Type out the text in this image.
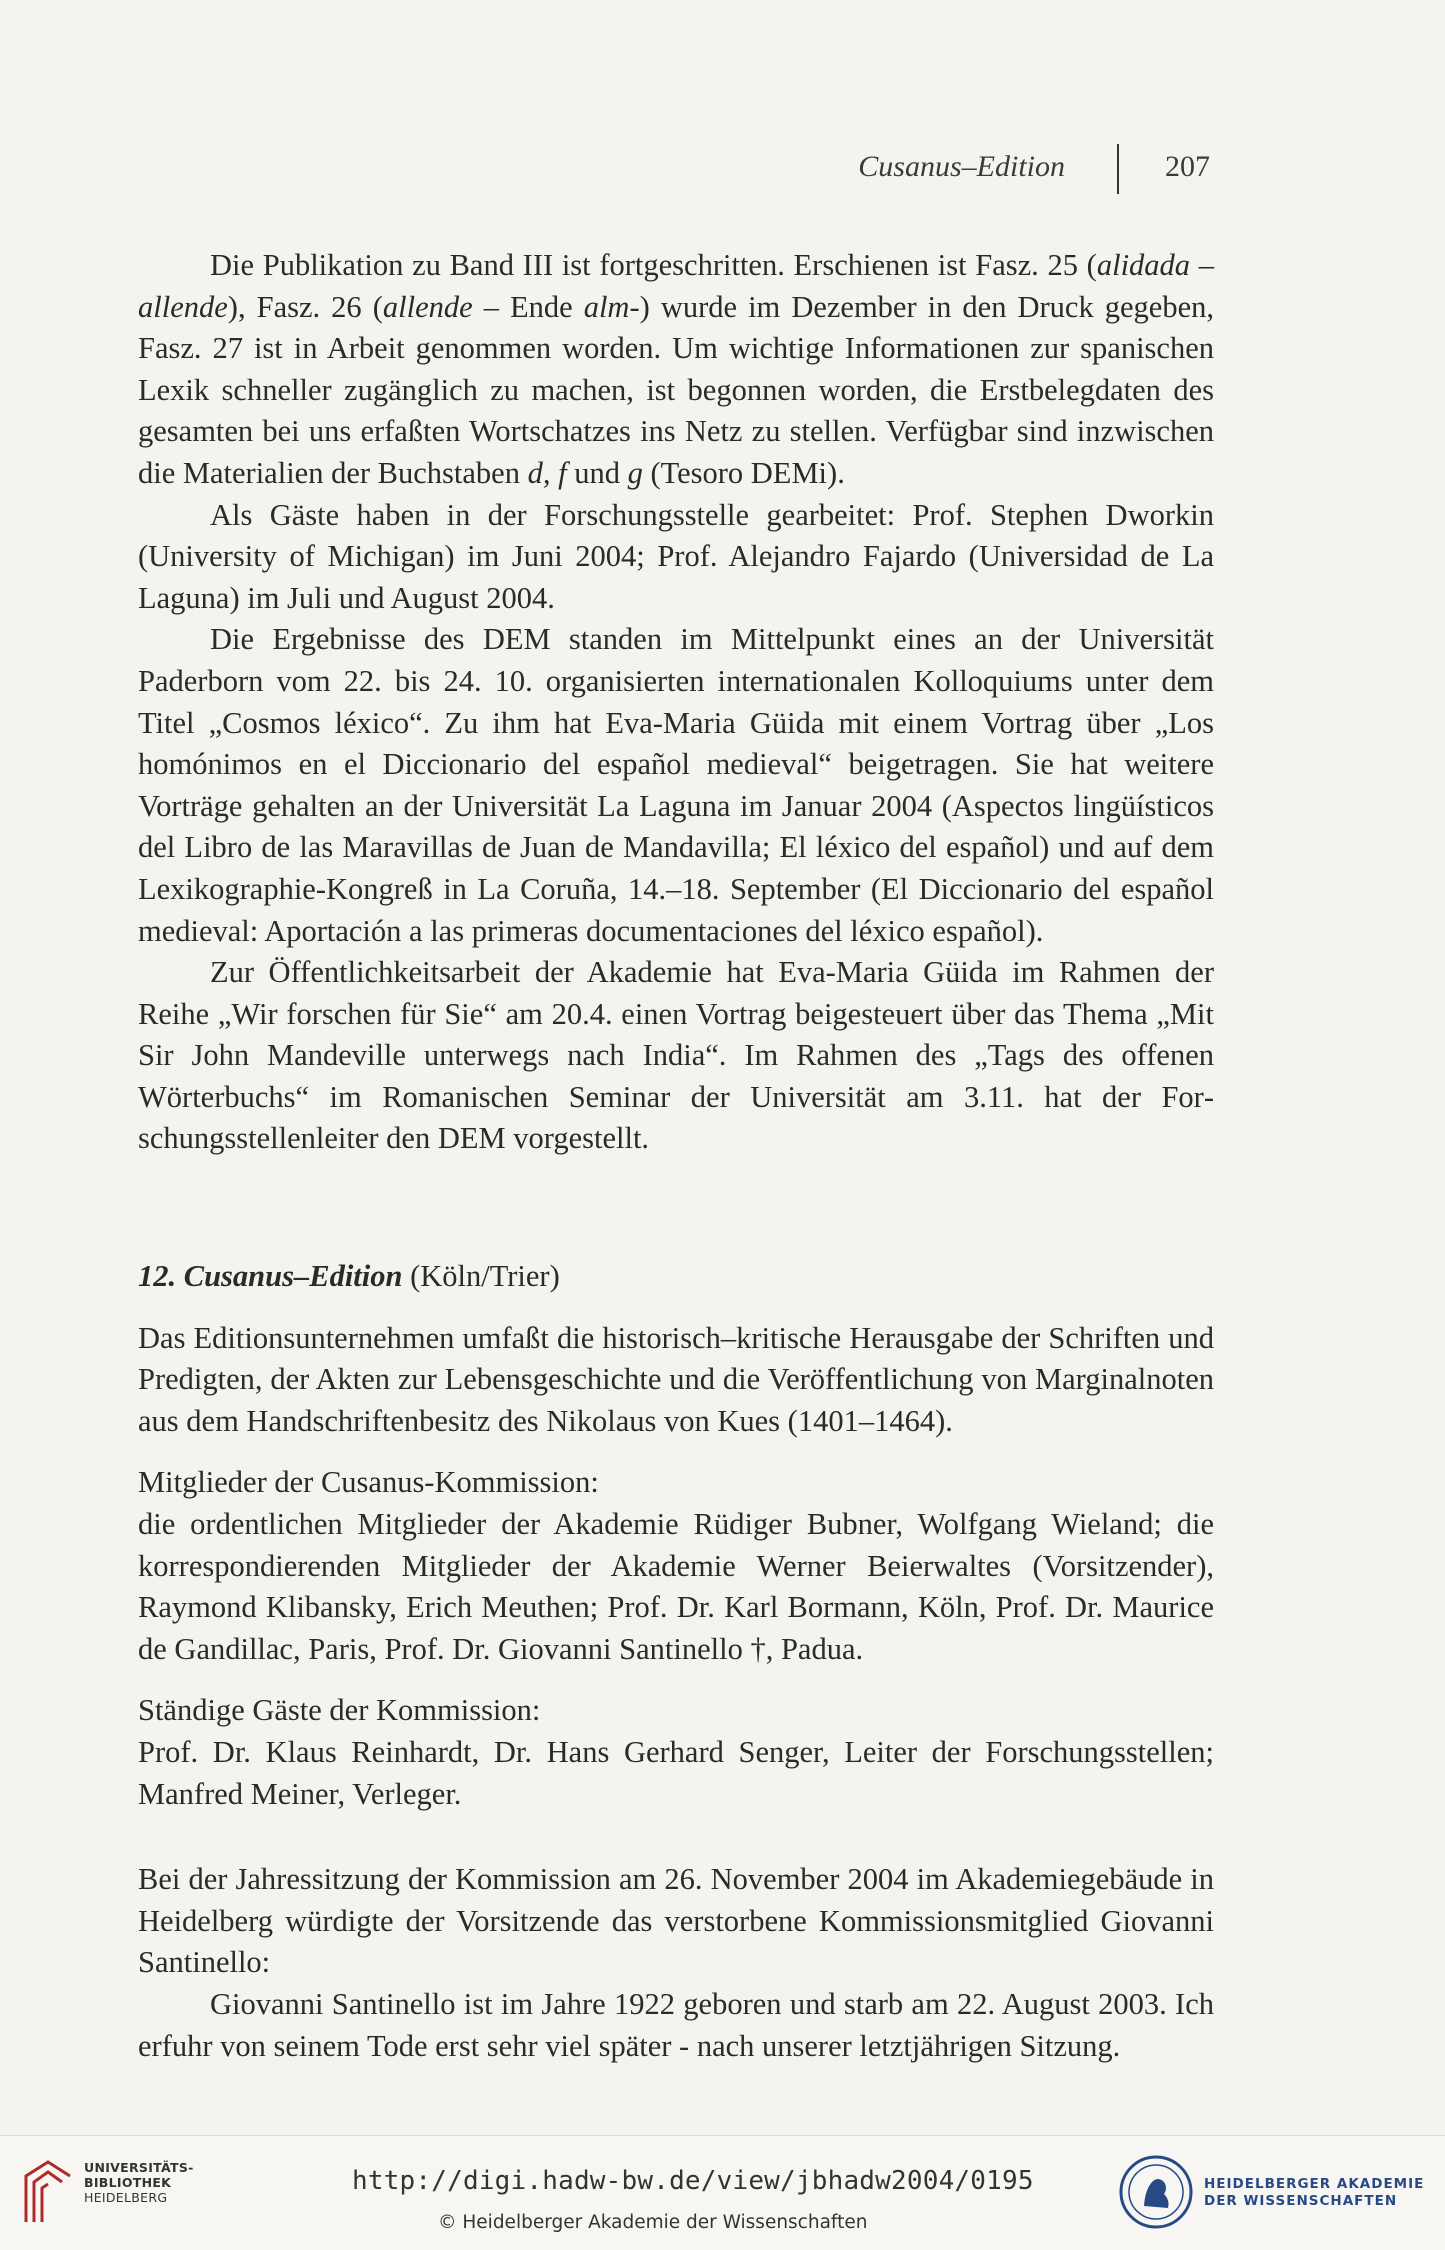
Cusanus–Edition	207

Die Publikation zu Band III ist fortgeschritten. Erschienen ist Fasz. 25 (alidada –allende), Fasz. 26 (allende – Ende alm-) wurde im Dezember in den Druck gegeben, Fasz. 27 ist in Arbeit genommen worden. Um wichtige Informationen zur spanischen Lexik schneller zugänglich zu machen, ist begonnen worden, die Erstbelegdaten des gesamten bei uns erfaßten Wortschatzes ins Netz zu stellen. Verfügbar sind inzwischen die Materialien der Buchstaben d, f und g (Tesoro DEMi).

Als Gäste haben in der Forschungsstelle gearbeitet: Prof. Stephen Dworkin (University of Michigan) im Juni 2004; Prof. Alejandro Fajardo (Universidad de La Laguna) im Juli und August 2004.

Die Ergebnisse des DEM standen im Mittelpunkt eines an der Universität Paderborn vom 22. bis 24. 10. organisierten internationalen Kolloquiums unter dem Titel „Cosmos léxico“. Zu ihm hat Eva-Maria Güida mit einem Vortrag über „Los homónimos en el Diccionario del español medieval“ beigetragen. Sie hat weitere Vorträge gehalten an der Universität La Laguna im Januar 2004 (Aspectos lingüísticos del Libro de las Maravillas de Juan de Mandavilla; El léxico del español) und auf dem Lexikographie-Kongreß in La Coruña, 14.–18. September (El Diccionario del español medieval: Aportación a las primeras documentaciones del léxico español).

Zur Öffentlichkeitsarbeit der Akademie hat Eva-Maria Güida im Rahmen der Reihe „Wir forschen für Sie“ am 20.4. einen Vortrag beigesteuert über das Thema „Mit Sir John Mandeville unterwegs nach India“. Im Rahmen des „Tags des offenen Wörterbuchs“ im Romanischen Seminar der Universität am 3.11. hat der Forschungsstellenleiter den DEM vorgestellt.

12. Cusanus–Edition (Köln/Trier)

Das Editionsunternehmen umfaßt die historisch–kritische Herausgabe der Schriften und Predigten, der Akten zur Lebensgeschichte und die Veröffentlichung von Marginalnoten aus dem Handschriftenbesitz des Nikolaus von Kues (1401–1464).

Mitglieder der Cusanus-Kommission:

die ordentlichen Mitglieder der Akademie Rüdiger Bubner, Wolfgang Wieland; die korrespondierenden Mitglieder der Akademie Werner Beierwaltes (Vorsitzender), Raymond Klibansky, Erich Meuthen; Prof. Dr. Karl Bormann, Köln, Prof. Dr. Maurice de Gandillac, Paris, Prof. Dr. Giovanni Santinello †, Padua.

Ständige Gäste der Kommission:

Prof. Dr. Klaus Reinhardt, Dr. Hans Gerhard Senger, Leiter der Forschungsstellen; Manfred Meiner, Verleger.

Bei der Jahressitzung der Kommission am 26. November 2004 im Akademiegebäude in Heidelberg würdigte der Vorsitzende das verstorbene Kommissionsmitglied Giovanni Santinello:

Giovanni Santinello ist im Jahre 1922 geboren und starb am 22. August 2003. Ich erfuhr von seinem Tode erst sehr viel später - nach unserer letztjährigen Sitzung.

UNIVERSITÄTS-
BIBLIOTHEK
HEIDELBERG
http://digi.hadw-bw.de/view/jbhadw2004/0195
© Heidelberger Akademie der Wissenschaften
HEIDELBERGER AKADEMIE
DER WISSENSCHAFTEN
